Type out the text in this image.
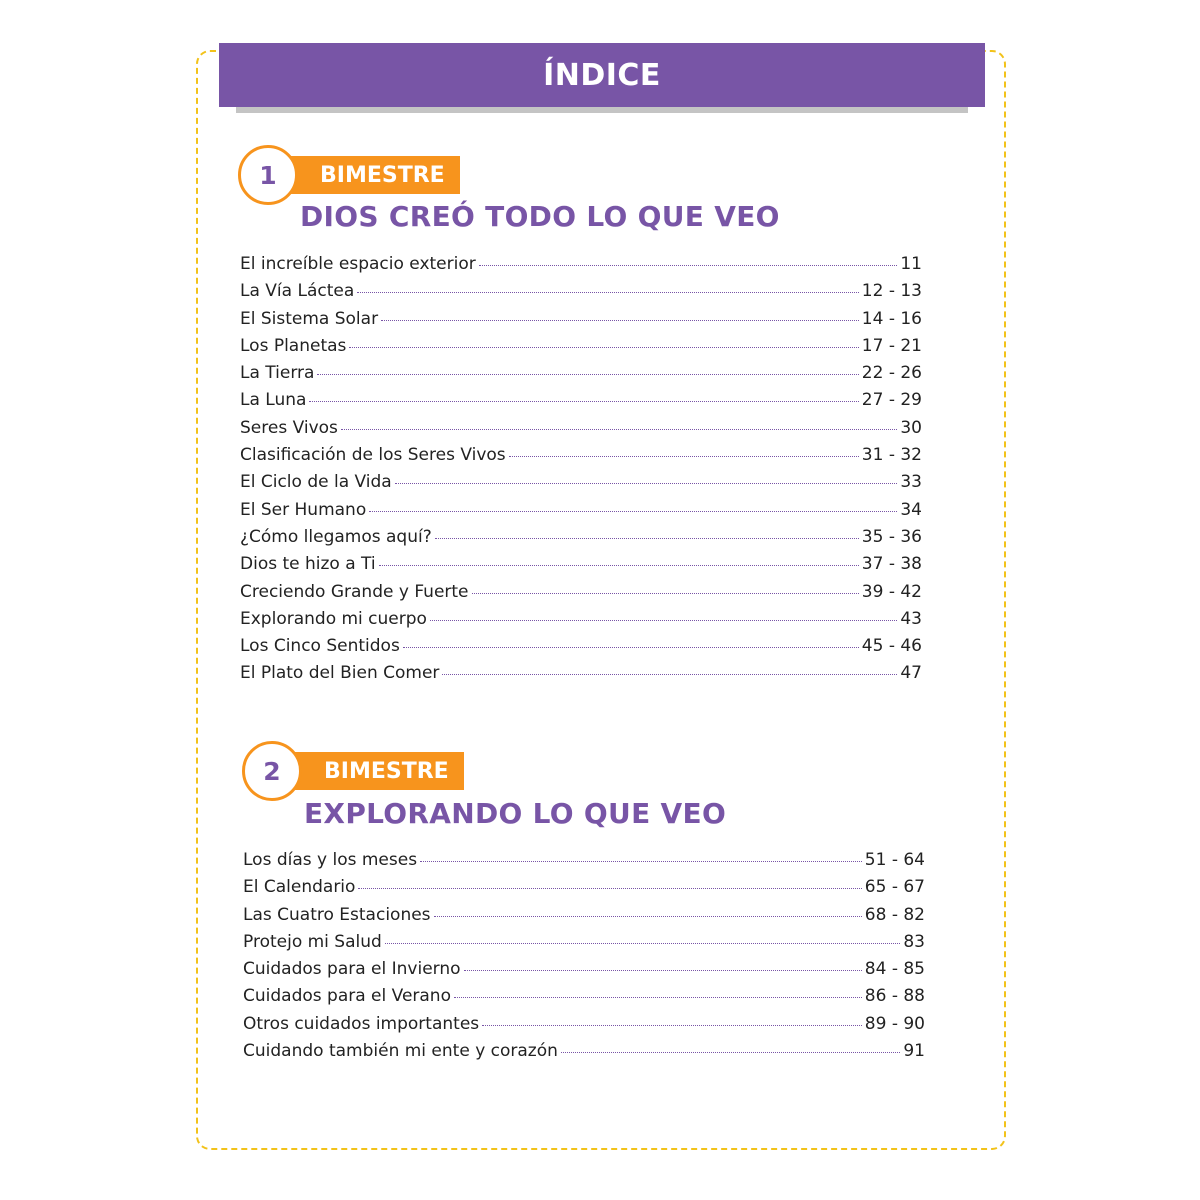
ÍNDICE
1	BIMESTRE
DIOS CREÓ TODO LO QUE VEO
El increíble espacio exterior	11
La Vía Láctea	12 - 13
El Sistema Solar	14 - 16
Los Planetas	17 - 21
La Tierra	22 - 26
La Luna	27 - 29
Seres Vivos	30
Clasificación de los Seres Vivos	31 - 32
El Ciclo de la Vida	33
El Ser Humano	34
¿Cómo llegamos aquí?	35 - 36
Dios te hizo a Ti	37 - 38
Creciendo Grande y Fuerte	39 - 42
Explorando mi cuerpo	43
Los Cinco Sentidos	45 - 46
El Plato del Bien Comer	47
2	BIMESTRE
EXPLORANDO LO QUE VEO
Los días y los meses	51 - 64
El Calendario	65 - 67
Las Cuatro Estaciones	68 - 82
Protejo mi Salud	83
Cuidados para el Invierno	84 - 85
Cuidados para el Verano	86 - 88
Otros cuidados importantes	89 - 90
Cuidando también mi ente y corazón	91
